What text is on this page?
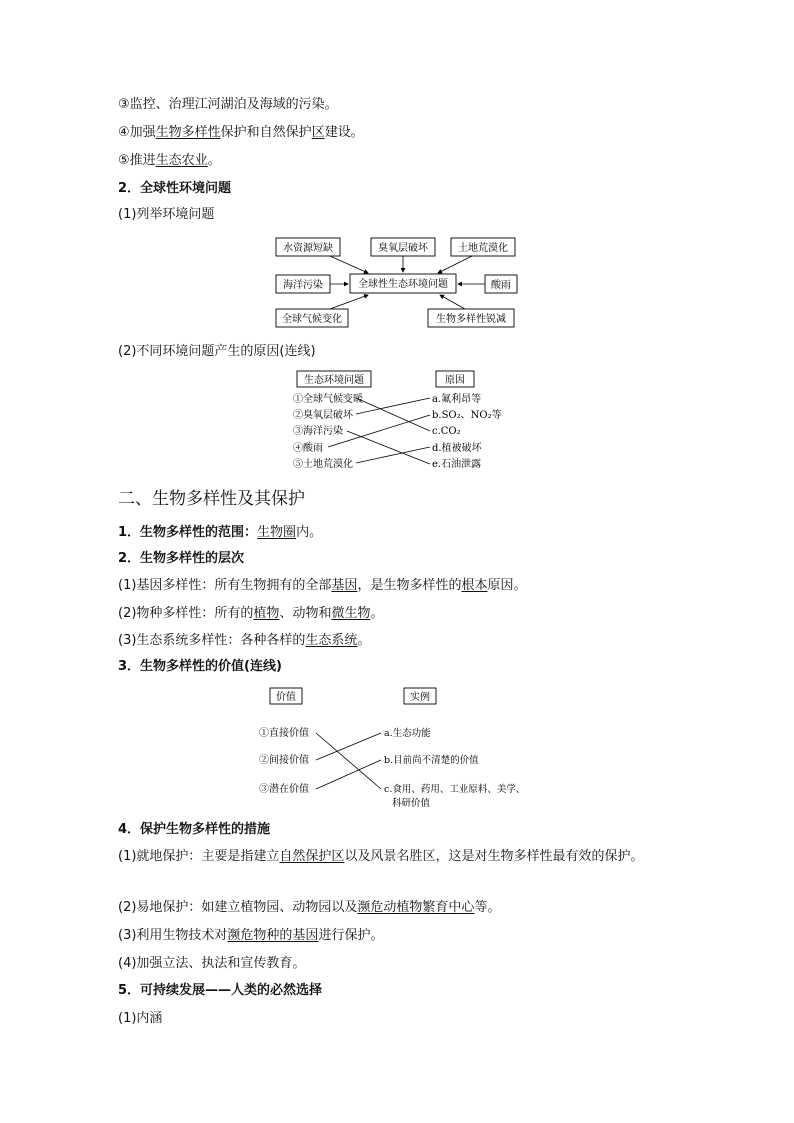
③监控、治理江河湖泊及海域的污染。
④加强生物多样性保护和自然保护区建设。
⑤推进生态农业。
2．全球性环境问题
(1)列举环境问题
全球性生态环境问题
水资源短缺	臭氧层破坏	土地荒漠化
海洋污染	酸雨
全球气候变化	生物多样性锐减
(2)不同环境问题产生的原因(连线)
生态环境问题	原因
①全球气候变暖
②臭氧层破坏
③海洋污染
④酸雨
⑤土地荒漠化
a.氟利昂等
b.SO₂、NO₂等
c.CO₂
d.植被破坏
e.石油泄露
二、生物多样性及其保护
1．生物多样性的范围：生物圈内。
2．生物多样性的层次
(1)基因多样性：所有生物拥有的全部基因，是生物多样性的根本原因。
(2)物种多样性：所有的植物、动物和微生物。
(3)生态系统多样性：各种各样的生态系统。
3．生物多样性的价值(连线)
价值	实例
①直接价值
②间接价值
③潜在价值
a.生态功能
b.目前尚不清楚的价值
c.食用、药用、工业原料、美学、
科研价值
4．保护生物多样性的措施
(1)就地保护：主要是指建立自然保护区以及风景名胜区，这是对生物多样性最有效的保护。
(2)易地保护：如建立植物园、动物园以及濒危动植物繁育中心等。
(3)利用生物技术对濒危物种的基因进行保护。
(4)加强立法、执法和宣传教育。
5．可持续发展——人类的必然选择
(1)内涵
